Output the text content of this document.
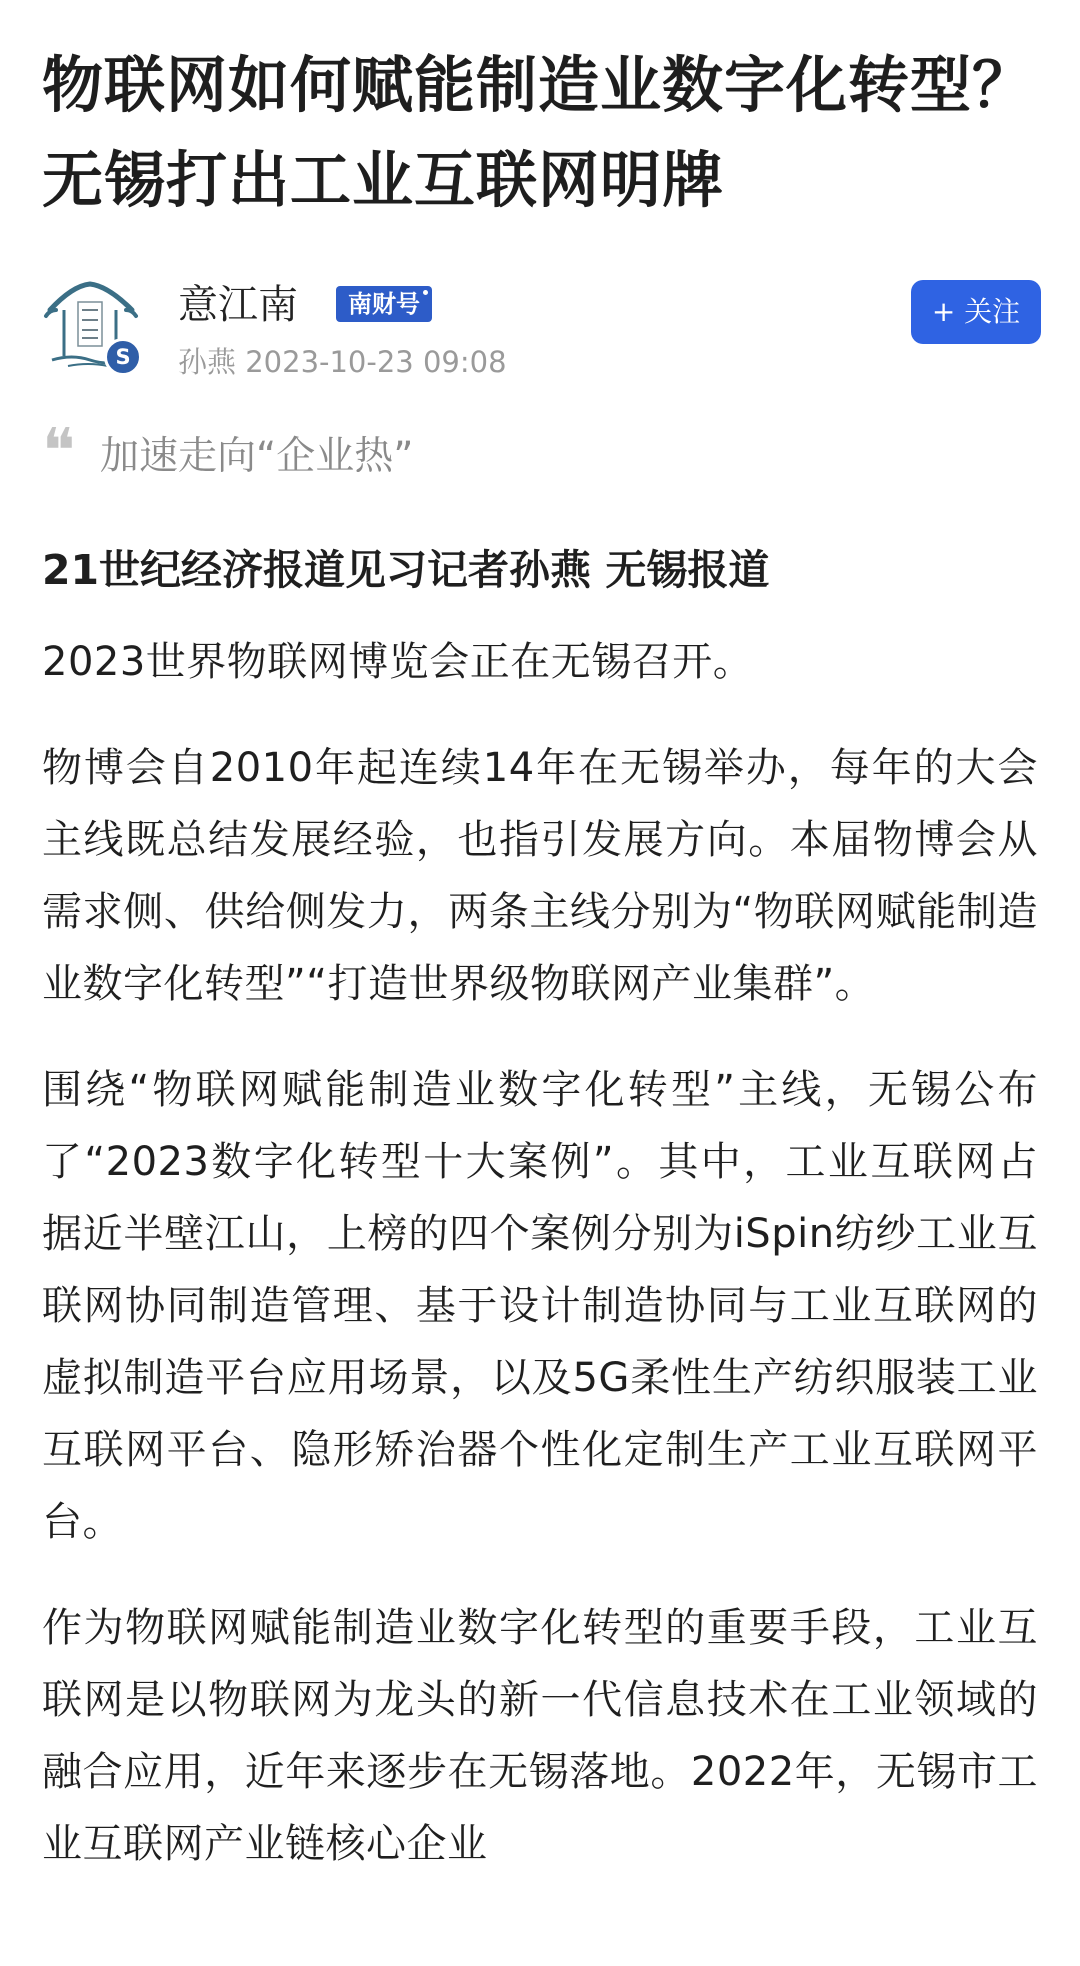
物联网如何赋能制造业数字化转型？无锡打出工业互联网明牌
S
意江南	南财号
孙燕 2023-10-23 09:08
+ 关注
❝ 加速走向“企业热”

21世纪经济报道见习记者孙燕 无锡报道

2023世界物联网博览会正在无锡召开。

物博会自2010年起连续14年在无锡举办，每年的大会主线既总结发展经验，也指引发展方向。本届物博会从需求侧、供给侧发力，两条主线分别为“物联网赋能制造业数字化转型”“打造世界级物联网产业集群”。

围绕“物联网赋能制造业数字化转型”主线，无锡公布了“2023数字化转型十大案例”。其中，工业互联网占据近半壁江山，上榜的四个案例分别为iSpin纺纱工业互联网协同制造管理、基于设计制造协同与工业互联网的虚拟制造平台应用场景，以及5G柔性生产纺织服装工业互联网平台、隐形矫治器个性化定制生产工业互联网平台。

作为物联网赋能制造业数字化转型的重要手段，工业互联网是以物联网为龙头的新一代信息技术在工业领域的融合应用，近年来逐步在无锡落地。2022年，无锡市工业互联网产业链核心企业
